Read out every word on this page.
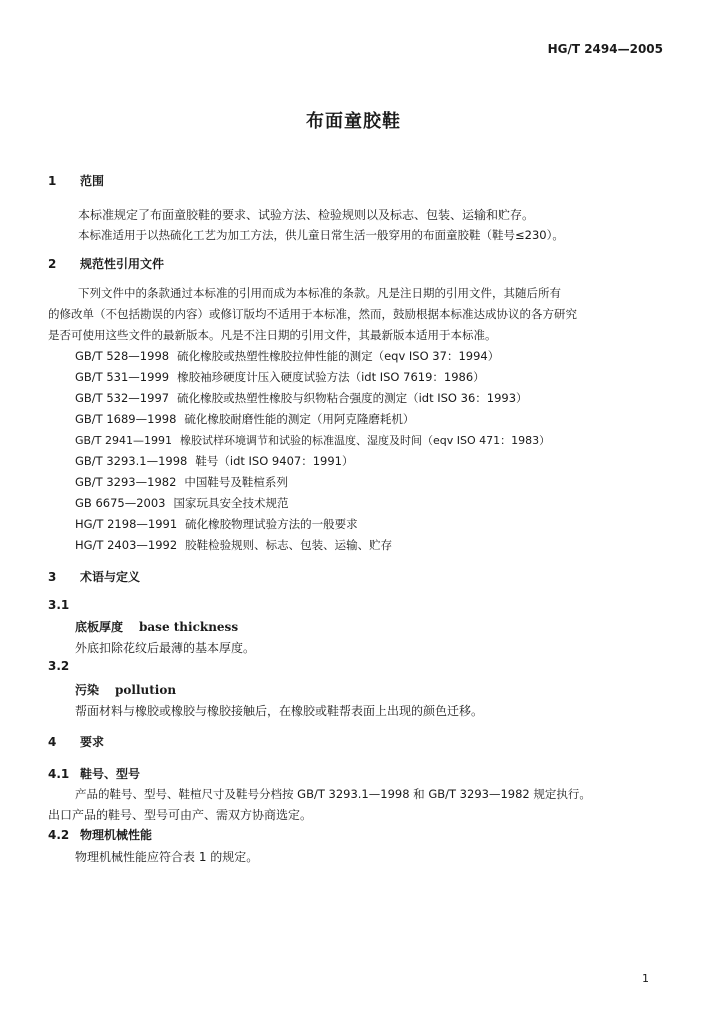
HG/T 2494—2005
布面童胶鞋
1 范围
本标准规定了布面童胶鞋的要求、试验方法、检验规则以及标志、包装、运输和贮存。
本标准适用于以热硫化工艺为加工方法，供儿童日常生活一般穿用的布面童胶鞋（鞋号≤230）。
2 规范性引用文件
下列文件中的条款通过本标准的引用而成为本标准的条款。凡是注日期的引用文件，其随后所有
的修改单（不包括勘误的内容）或修订版均不适用于本标准，然而，鼓励根据本标准达成协议的各方研究
是否可使用这些文件的最新版本。凡是不注日期的引用文件，其最新版本适用于本标准。
GB/T 528—1998 硫化橡胶或热塑性橡胶拉伸性能的测定（eqv ISO 37：1994）
GB/T 531—1999 橡胶袖珍硬度计压入硬度试验方法（idt ISO 7619：1986）
GB/T 532—1997 硫化橡胶或热塑性橡胶与织物粘合强度的测定（idt ISO 36：1993）
GB/T 1689—1998 硫化橡胶耐磨性能的测定（用阿克隆磨耗机）
GB/T 2941—1991 橡胶试样环境调节和试验的标准温度、湿度及时间（eqv ISO 471：1983）
GB/T 3293.1—1998 鞋号（idt ISO 9407：1991）
GB/T 3293—1982 中国鞋号及鞋楦系列
GB 6675—2003 国家玩具安全技术规范
HG/T 2198—1991 硫化橡胶物理试验方法的一般要求
HG/T 2403—1992 胶鞋检验规则、标志、包装、运输、贮存
3 术语与定义
3.1
底板厚度 base thickness
外底扣除花纹后最薄的基本厚度。
3.2
污染 pollution
帮面材料与橡胶或橡胶与橡胶接触后，在橡胶或鞋帮表面上出现的颜色迁移。
4 要求
4.1 鞋号、型号
产品的鞋号、型号、鞋楦尺寸及鞋号分档按 GB/T 3293.1—1998 和 GB/T 3293—1982 规定执行。
出口产品的鞋号、型号可由产、需双方协商选定。
4.2 物理机械性能
物理机械性能应符合表 1 的规定。
1
